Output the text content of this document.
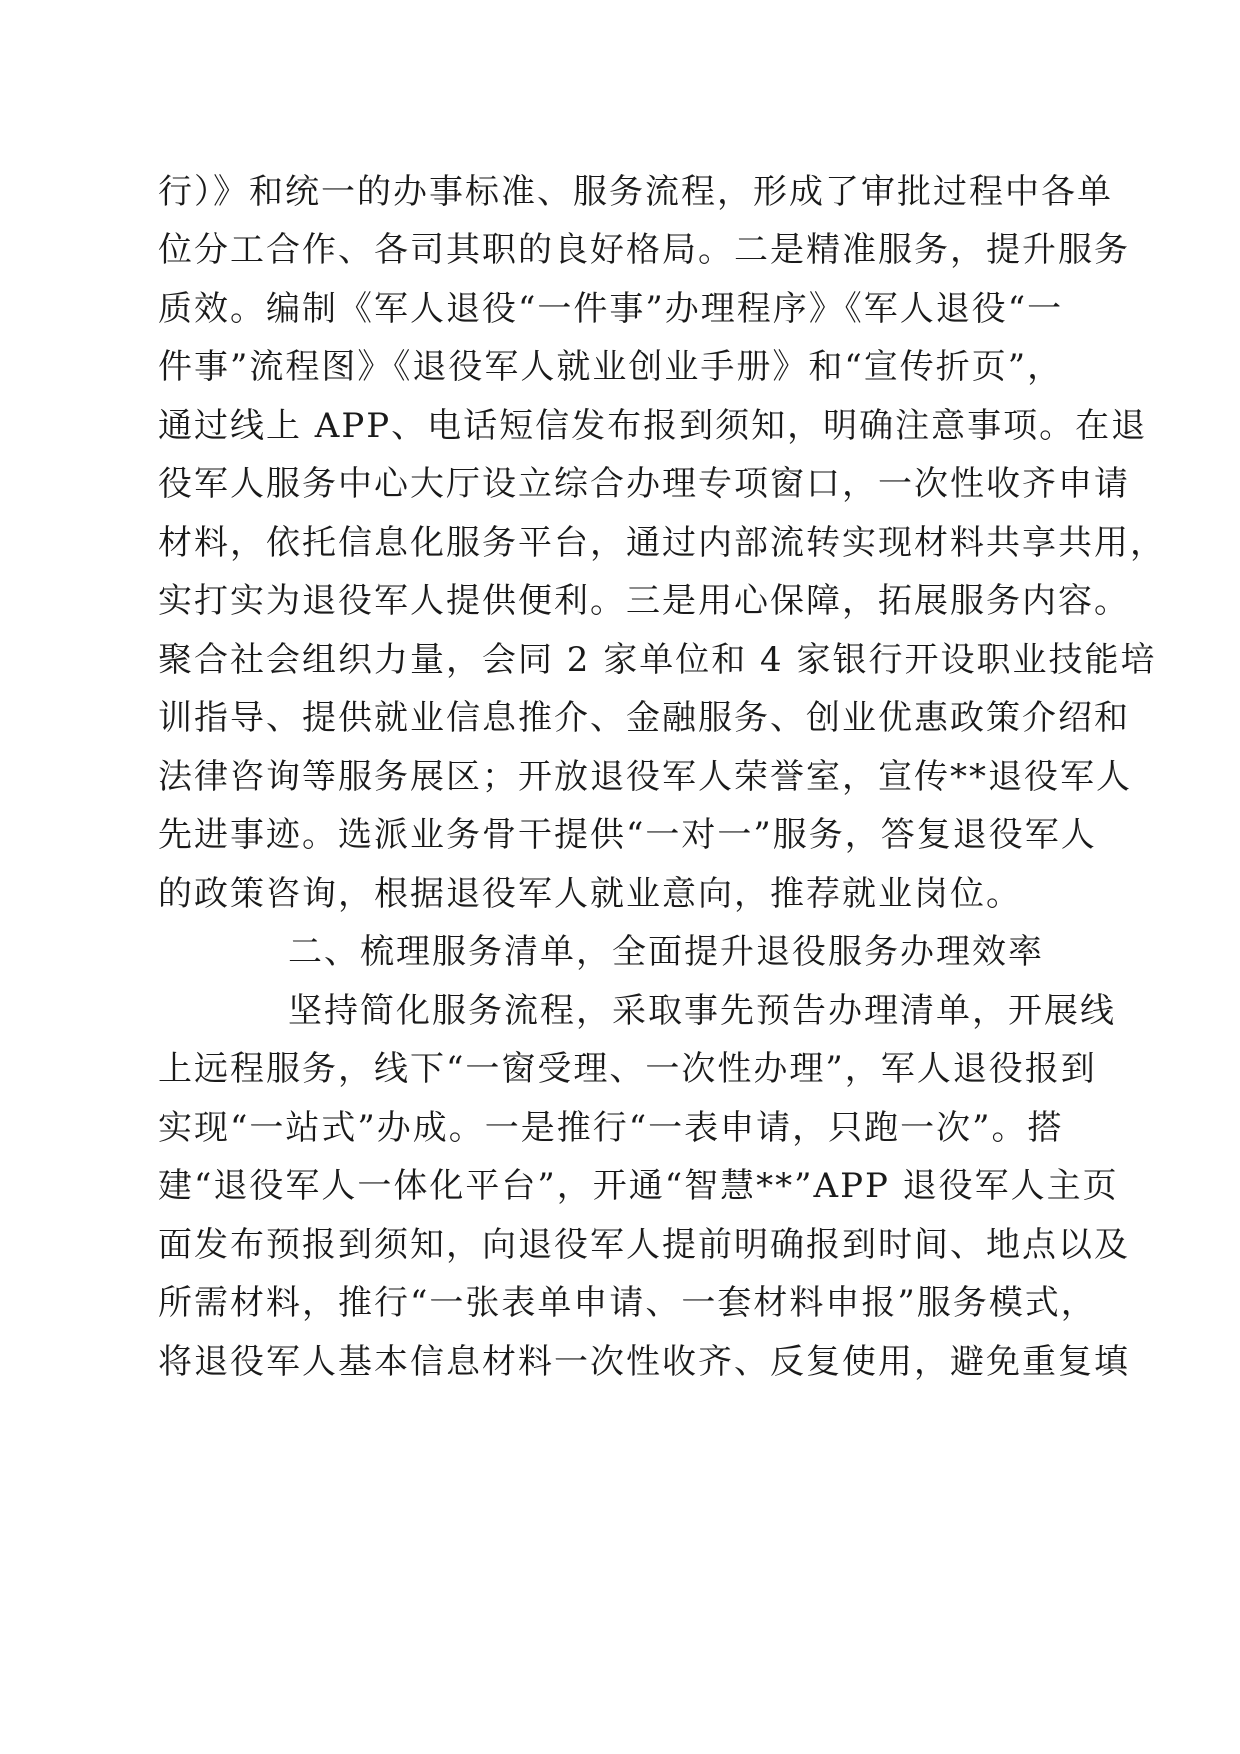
行）》和统一的办事标准、服务流程，形成了审批过程中各单
位分工合作、各司其职的良好格局。二是精准服务，提升服务
质效。编制《军人退役“一件事”办理程序》《军人退役“一
件事”流程图》《退役军人就业创业手册》和“宣传折页”，
通过线上 APP、电话短信发布报到须知，明确注意事项。在退
役军人服务中心大厅设立综合办理专项窗口，一次性收齐申请
材料，依托信息化服务平台，通过内部流转实现材料共享共用，
实打实为退役军人提供便利。三是用心保障，拓展服务内容。
聚合社会组织力量，会同 2 家单位和 4 家银行开设职业技能培
训指导、提供就业信息推介、金融服务、创业优惠政策介绍和
法律咨询等服务展区；开放退役军人荣誉室，宣传**退役军人
先进事迹。选派业务骨干提供“一对一”服务，答复退役军人
的政策咨询，根据退役军人就业意向，推荐就业岗位。
二、梳理服务清单，全面提升退役服务办理效率
坚持简化服务流程，采取事先预告办理清单，开展线
上远程服务，线下“一窗受理、一次性办理”，军人退役报到
实现“一站式”办成。一是推行“一表申请，只跑一次”。搭
建“退役军人一体化平台”，开通“智慧**”APP 退役军人主页
面发布预报到须知，向退役军人提前明确报到时间、地点以及
所需材料，推行“一张表单申请、一套材料申报”服务模式，
将退役军人基本信息材料一次性收齐、反复使用，避免重复填
